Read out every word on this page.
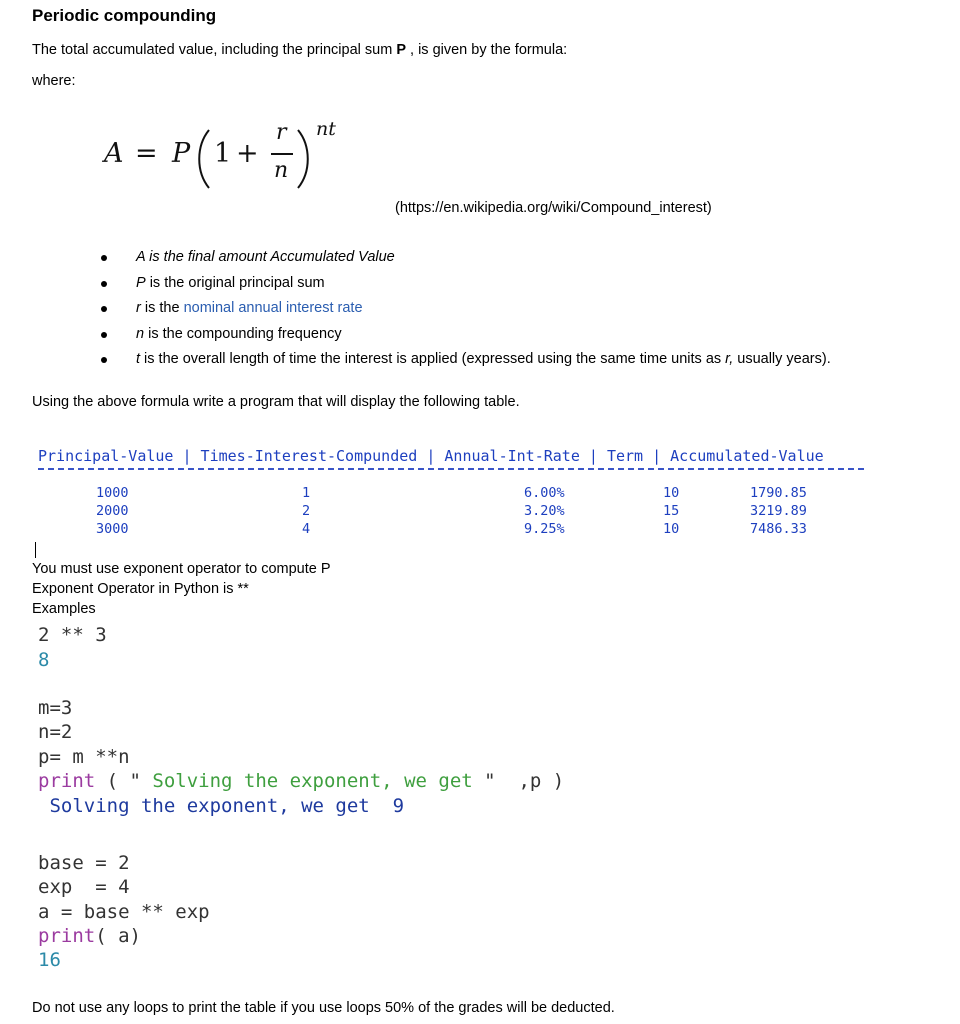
Periodic compounding
The total accumulated value, including the principal sum P , is given by the formula:
where:
A = P 1 +
r
n
nt
(https://en.wikipedia.org/wiki/Compound_interest)
A is the final amount Accumulated Value
P is the original principal sum
r is the nominal annual interest rate
n is the compounding frequency
t is the overall length of time the interest is applied (expressed using the same time units as r, usually years).
Using the above formula write a program that will display the following table.
Principal-Value | Times-Interest-Compunded | Annual-Int-Rate | Term | Accumulated-Value
1000	1	6.00%	10	1790.85
2000	2	3.20%	15	3219.89
3000	4	9.25%	10	7486.33
You must use exponent operator to compute P
Exponent Operator in Python is **
Examples
2 ** 3
8
m=3
n=2
p= m **n
print ( " Solving the exponent, we get "  ,p )
Solving the exponent, we get  9
base = 2
exp  = 4
a = base ** exp
print( a)
16
Do not use any loops to print the table if you use loops 50% of the grades will be deducted.
